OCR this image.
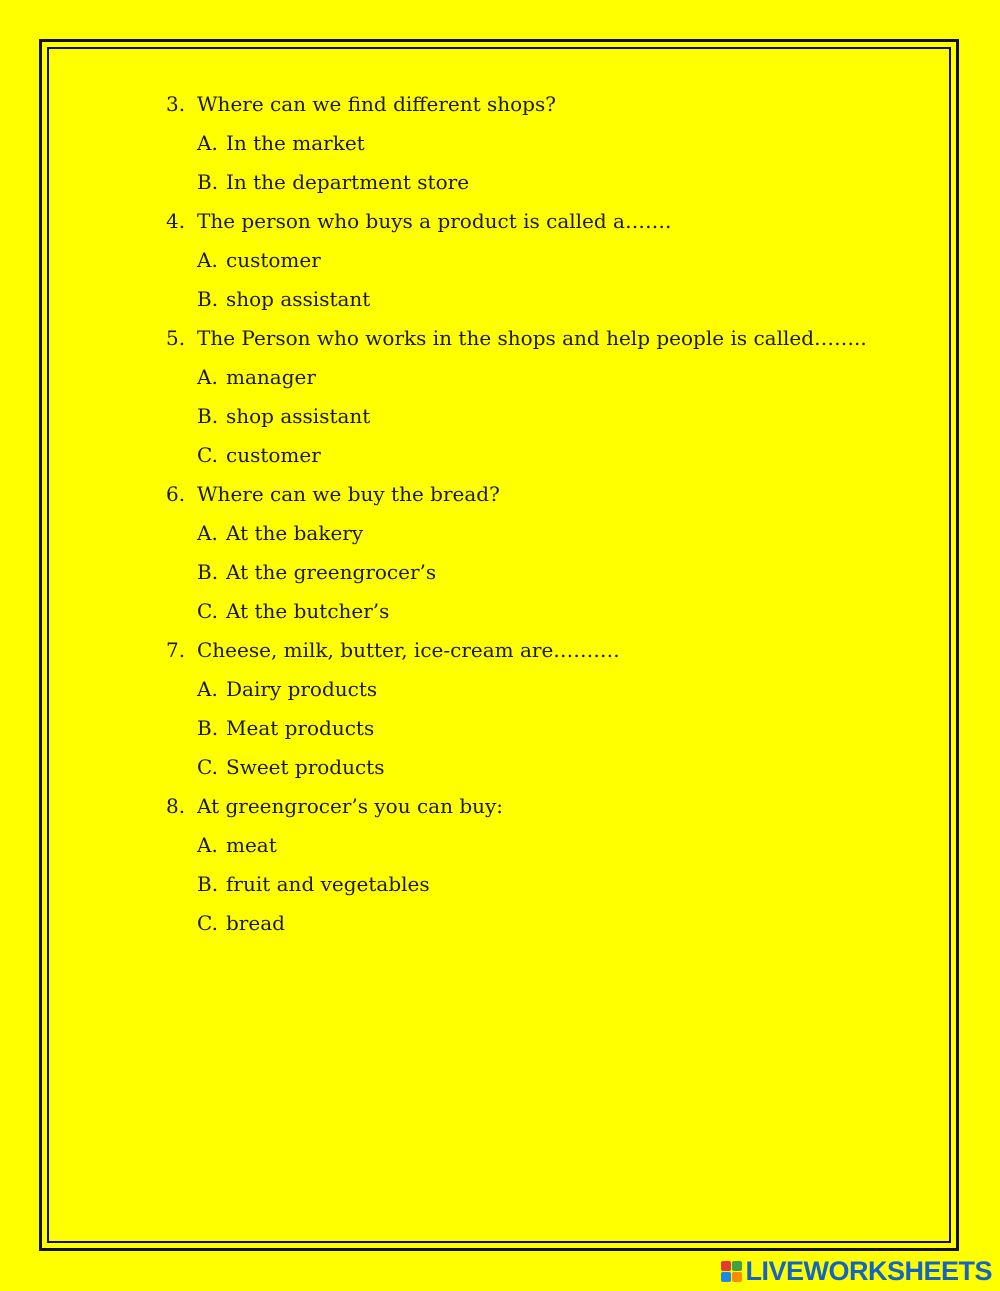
3. Where can we find different shops?
A. In the market
B. In the department store
4. The person who buys a product is called a…….
A. customer
B. shop assistant
5. The Person who works in the shops and help people is called……..
A. manager
B. shop assistant
C. customer
6. Where can we buy the bread?
A. At the bakery
B. At the greengrocer’s
C. At the butcher’s
7. Cheese, milk, butter, ice-cream are……….
A. Dairy products
B. Meat products
C. Sweet products
8. At greengrocer’s you can buy:
A. meat
B. fruit and vegetables
C. bread
LIVEWORKSHEETS
